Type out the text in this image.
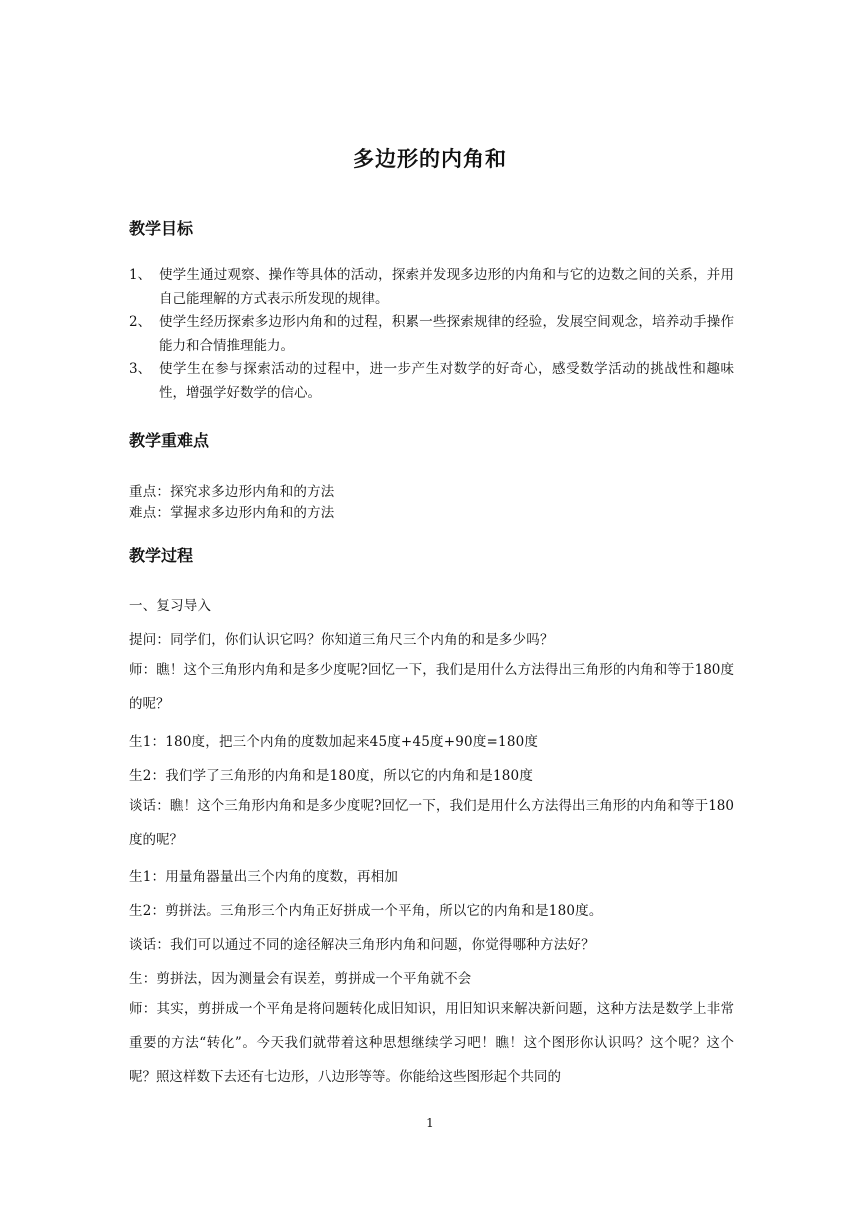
多边形的内角和
教学目标
1、 使学生通过观察、操作等具体的活动，探索并发现多边形的内角和与它的边数之间的关系，并用自己能理解的方式表示所发现的规律。
2、 使学生经历探索多边形内角和的过程，积累一些探索规律的经验，发展空间观念，培养动手操作能力和合情推理能力。
3、 使学生在参与探索活动的过程中，进一步产生对数学的好奇心，感受数学活动的挑战性和趣味性，增强学好数学的信心。
教学重难点
重点：探究求多边形内角和的方法
难点：掌握求多边形内角和的方法
教学过程
一、复习导入
提问：同学们，你们认识它吗？你知道三角尺三个内角的和是多少吗？
师：瞧！这个三角形内角和是多少度呢?回忆一下，我们是用什么方法得出三角形的内角和等于180度的呢？
生1：180度，把三个内角的度数加起来45度+45度+90度=180度
生2：我们学了三角形的内角和是180度，所以它的内角和是180度
谈话：瞧！这个三角形内角和是多少度呢?回忆一下，我们是用什么方法得出三角形的内角和等于180度的呢？
生1：用量角器量出三个内角的度数，再相加
生2：剪拼法。三角形三个内角正好拼成一个平角，所以它的内角和是180度。
谈话：我们可以通过不同的途径解决三角形内角和问题，你觉得哪种方法好？
生：剪拼法，因为测量会有误差，剪拼成一个平角就不会
师：其实，剪拼成一个平角是将问题转化成旧知识，用旧知识来解决新问题，这种方法是数学上非常重要的方法“转化”。今天我们就带着这种思想继续学习吧！瞧！这个图形你认识吗？这个呢？这个呢？照这样数下去还有七边形，八边形等等。你能给这些图形起个共同的
1
